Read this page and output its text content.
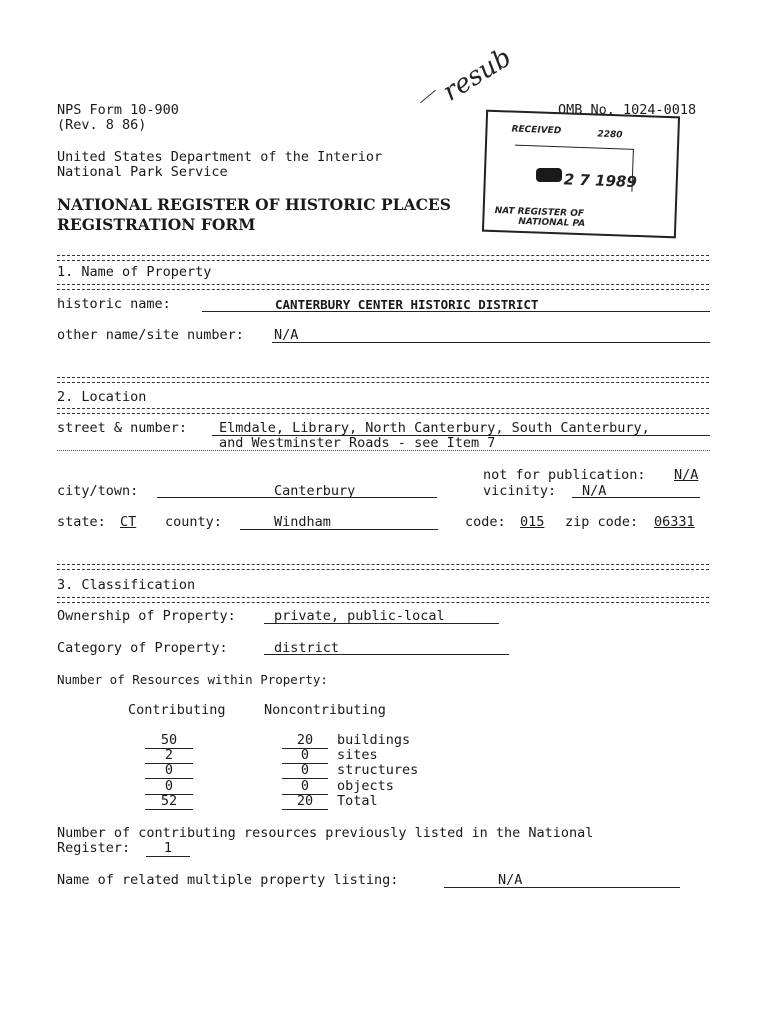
NPS Form 10-900
(Rev. 8 86)
OMB No. 1024-0018
United States Department of the Interior
National Park Service
NATIONAL REGISTER OF HISTORIC PLACES
REGISTRATION FORM
resub
RECEIVED	2280
2 7 1989
NAT REGISTER OF
NATIONAL PA
1. Name of Property
historic name:	CANTERBURY CENTER HISTORIC DISTRICT
other name/site number: N/A
2. Location
street & number: Elmdale, Library, North Canterbury, South Canterbury,
and Westminster Roads - see Item 7
not for publication: N/A
city/town:	Canterbury	vicinity: N/A
state: CT county:	Windham	code: 015 zip code: 06331
3. Classification
Ownership of Property:	private, public-local
Category of Property:	district
Number of Resources within Property:
Contributing	Noncontributing
50	20	buildings
2	0	sites
0	0	structures
0	0	objects
52	20	Total
Number of contributing resources previously listed in the National
Register:	1
Name of related multiple property listing:	N/A
